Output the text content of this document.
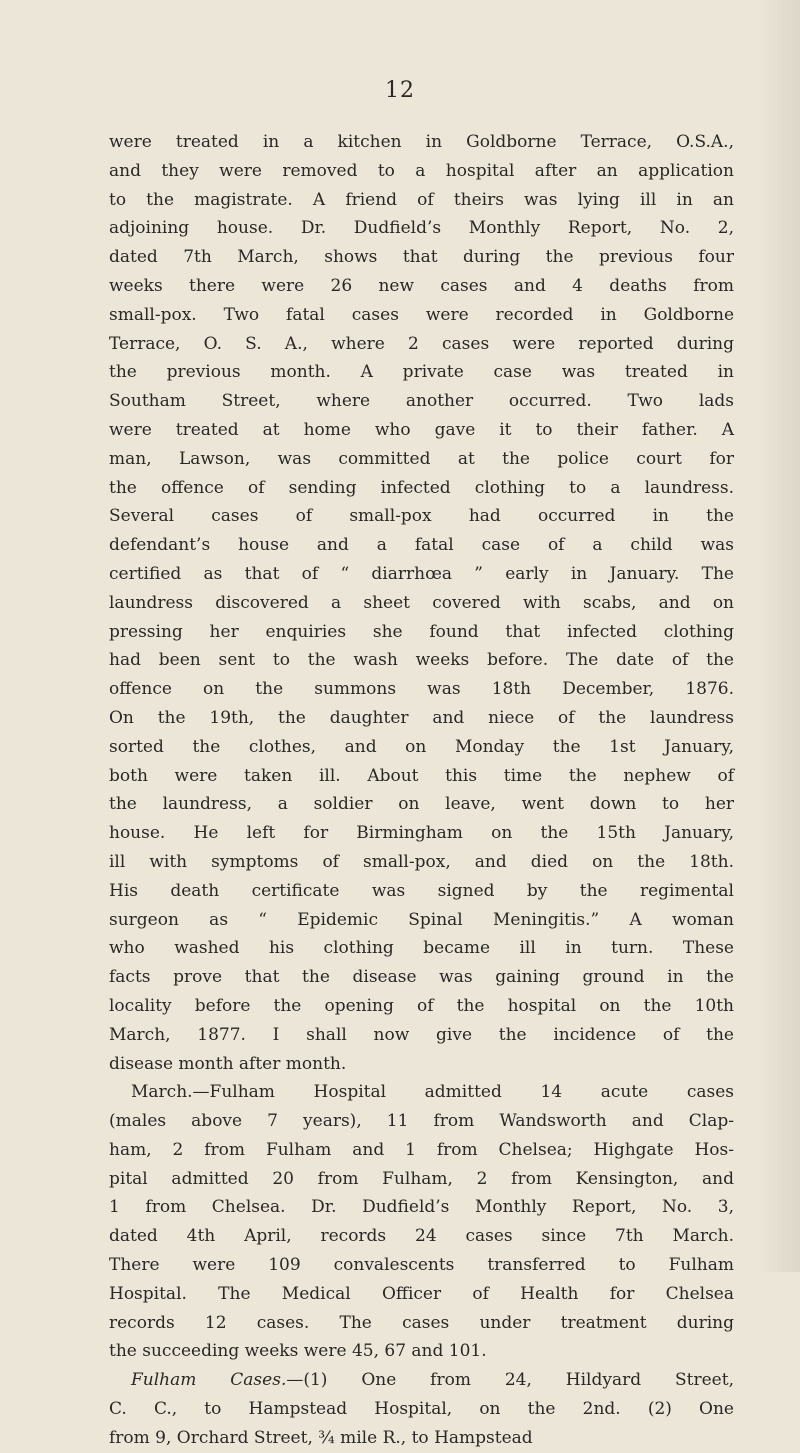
12
were treated in a kitchen in Goldborne Terrace, O.S.A.,
and they were removed to a hospital after an application
to the magistrate. A friend of theirs was lying ill in an
adjoining house. Dr. Dudfield’s Monthly Report, No. 2,
dated 7th March, shows that during the previous four
weeks there were 26 new cases and 4 deaths from
small-pox. Two fatal cases were recorded in Goldborne
Terrace, O. S. A., where 2 cases were reported during
the previous month. A private case was treated in
Southam Street, where another occurred. Two lads
were treated at home who gave it to their father. A
man, Lawson, was committed at the police court for
the offence of sending infected clothing to a laundress.
Several cases of small-pox had occurred in the
defendant’s house and a fatal case of a child was
certified as that of “ diarrhœa ” early in January. The
laundress discovered a sheet covered with scabs, and on
pressing her enquiries she found that infected clothing
had been sent to the wash weeks before. The date of the
offence on the summons was 18th December, 1876.
On the 19th, the daughter and niece of the laundress
sorted the clothes, and on Monday the 1st January,
both were taken ill. About this time the nephew of
the laundress, a soldier on leave, went down to her
house. He left for Birmingham on the 15th January,
ill with symptoms of small-pox, and died on the 18th.
His death certificate was signed by the regimental
surgeon as “ Epidemic Spinal Meningitis.” A woman
who washed his clothing became ill in turn. These
facts prove that the disease was gaining ground in the
locality before the opening of the hospital on the 10th
March, 1877. I shall now give the incidence of the
disease month after month.
March.—Fulham Hospital admitted 14 acute cases
(males above 7 years), 11 from Wandsworth and Clap-
ham, 2 from Fulham and 1 from Chelsea; Highgate Hos-
pital admitted 20 from Fulham, 2 from Kensington, and
1 from Chelsea. Dr. Dudfield’s Monthly Report, No. 3,
dated 4th April, records 24 cases since 7th March.
There were 109 convalescents transferred to Fulham
Hospital. The Medical Officer of Health for Chelsea
records 12 cases. The cases under treatment during
the succeeding weeks were 45, 67 and 101.
Fulham Cases.—(1) One from 24, Hildyard Street,
C. C., to Hampstead Hospital, on the 2nd. (2) One
from 9, Orchard Street, ¾ mile R., to Hampstead
